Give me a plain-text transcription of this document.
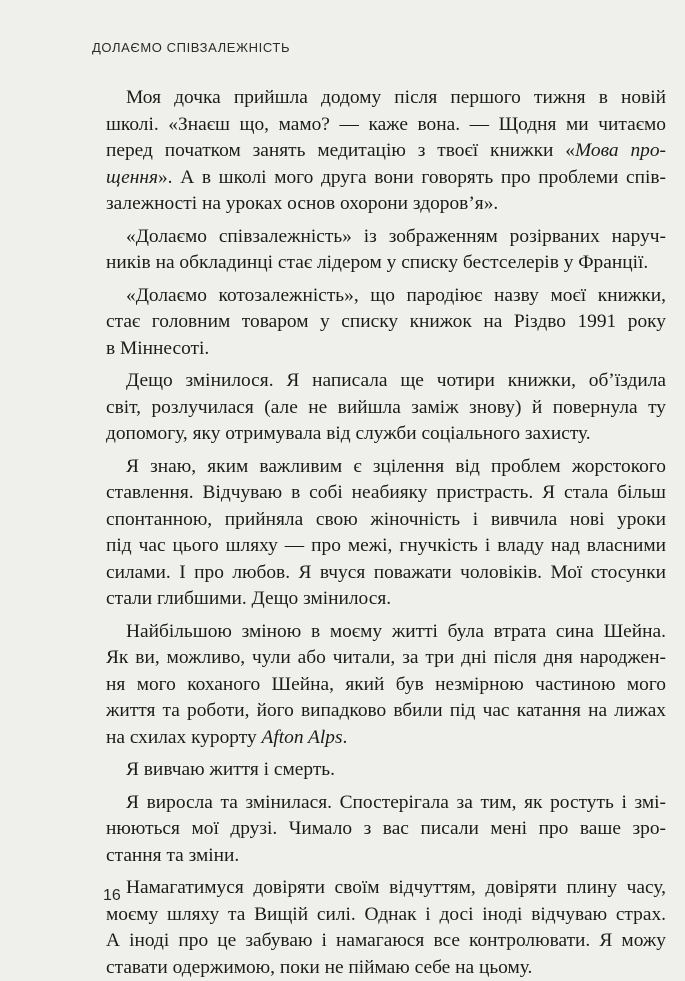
ДОЛАЄМО СПІВЗАЛЕЖНІСТЬ
Моя дочка прийшла додому після першого тижня в новій
школі. «Знаєш що, мамо? — каже вона. — Щодня ми читаємо
перед початком занять медитацію з твоєї книжки «Мова про-
щення». А в школі мого друга вони говорять про проблеми спів-
залежності на уроках основ охорони здоров’я».
«Долаємо співзалежність» із зображенням розірваних наруч-
ників на обкладинці стає лідером у списку бестселерів у Франції.
«Долаємо котозалежність», що пародіює назву моєї книжки,
стає головним товаром у списку книжок на Різдво 1991 року
в Міннесоті.
Дещо змінилося. Я написала ще чотири книжки, об’їздила
світ, розлучилася (але не вийшла заміж знову) й повернула ту
допомогу, яку отримувала від служби соціального захисту.
Я знаю, яким важливим є зцілення від проблем жорстокого
ставлення. Відчуваю в собі неабияку пристрасть. Я стала більш
спонтанною, прийняла свою жіночність і вивчила нові уроки
під час цього шляху — про межі, гнучкість і владу над власними
силами. І про любов. Я вчуся поважати чоловіків. Мої стосунки
стали глибшими. Дещо змінилося.
Найбільшою зміною в моєму житті була втрата сина Шейна.
Як ви, можливо, чули або читали, за три дні після дня народжен-
ня мого коханого Шейна, який був незмірною частиною мого
життя та роботи, його випадково вбили під час катання на лижах
на схилах курорту Afton Alps.
Я вивчаю життя і смерть.
Я виросла та змінилася. Спостерігала за тим, як ростуть і змі-
нюються мої друзі. Чимало з вас писали мені про ваше зро-
стання та зміни.
Намагатимуся довіряти своїм відчуттям, довіряти плину часу,
моєму шляху та Вищій силі. Однак і досі іноді відчуваю страх.
А іноді про це забуваю і намагаюся все контролювати. Я можу
ставати одержимою, поки не пiймаю себе на цьому.
16
